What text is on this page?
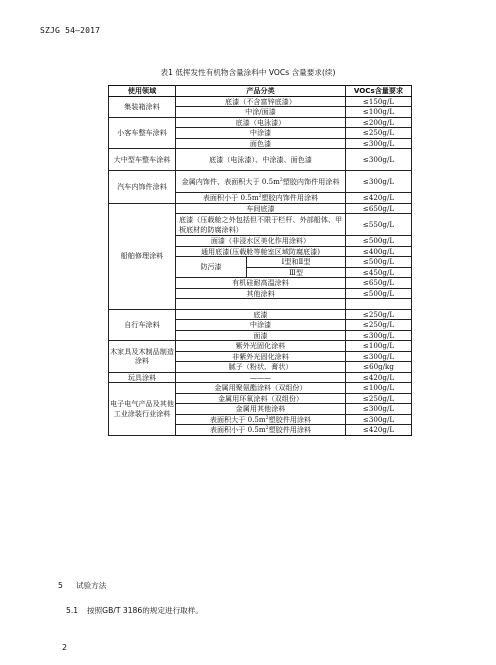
SZJG 54—2017
表1 低挥发性有机物含量涂料中 VOCs 含量要求(续)
使用领域	产品分类		VOCs含量要求
集装箱涂料	底漆（不含富锌底漆）		≤150g/L
	中涂/面漆		≤100g/L
小客车整车涂料	底漆（电泳漆）		≤200g/L
	中涂漆		≤250g/L
	面色漆		≤300g/L
大中型车整车涂料	底漆（电泳漆）、中涂漆、面色漆		≤300g/L
汽车内饰件涂料	金属内饰件、表面积大于 $0.5m^2$塑胶内饰件用涂料		≤300g/L
	表面积小于 $0.5m^2$塑胶内饰件用涂料		≤420g/L
船舶修理涂料	车间底漆		≤650g/L
	底漆（压载舱之外包括但不限于栏杆、外部船体、甲板底材的防腐涂料）		≤550g/L
	面漆（非浸水区美化作用涂料）		≤500g/L
	通用底漆(压载舱等舱室区域防腐底漆)		≤400g/L
	防污漆	Ⅰ型和Ⅱ型	≤500g/L
		Ⅲ型	≤450g/L
	有机硅耐高温涂料		≤650g/L
	其他涂料		≤500g/L

自行车涂料	底漆		≤250g/L
	中涂漆		≤250g/L
	面漆		≤300g/L
木家具及木制品制造涂料	紫外光固化涂料		≤100g/L
	非紫外光固化涂料		≤300g/L
	腻子（粉状、膏状）		≤60g/kg
玩具涂料	———		≤420g/L
电子电气产品及其他工业涂装行业涂料	金属用聚氨酯涂料（双组份）		≤100g/L
	金属用环氧涂料（双组份）		≤250g/L
	金属用其他涂料		≤300g/L
	表面积大于 $0.5m^2$塑胶件用涂料		≤300g/L
	表面积小于 $0.5m^2$塑胶件用涂料		≤420g/L
5 试验方法
5.1 按照GB/T 3186的规定进行取样。
2
